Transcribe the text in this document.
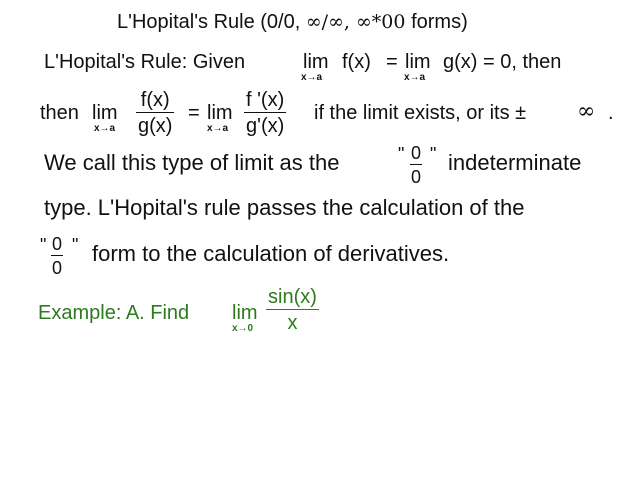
L'Hopital's Rule (0/0, ∞/∞, ∞*00 forms)
L'Hopital's Rule: Given	lim
x→a
f(x) = lim
x→a
g(x) = 0, then
then lim
x→a
f(x)
g(x)
= lim
x→a
f '(x)
g'(x)
if the limit exists, or its ± ∞ .
We call this type of limit as the	" 0
0
" indeterminate
type. L'Hopital's rule passes the calculation of the
" 0
0
" form to the calculation of derivatives.
Example: A. Find lim
x→0
sin(x)
x
